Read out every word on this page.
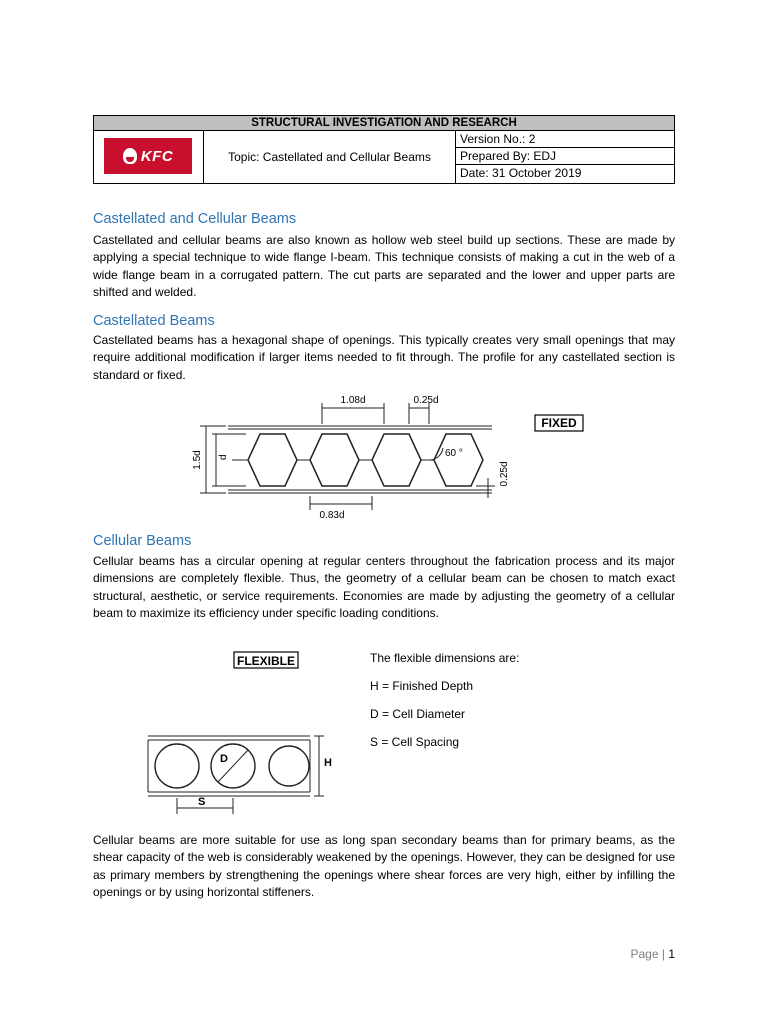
STRUCTURAL INVESTIGATION AND RESEARCH
KFC	Topic: Castellated and Cellular Beams
Version No.: 2
Prepared By: EDJ
Date: 31 October 2019
Castellated and Cellular Beams

Castellated and cellular beams are also known as hollow web steel build up sections. These are made by applying a special technique to wide flange I-beam. This technique consists of making a cut in the web of a wide flange beam in a corrugated pattern. The cut parts are separated and the lower and upper parts are shifted and welded.

Castellated Beams

Castellated beams has a hexagonal shape of openings. This typically creates very small openings that may require additional modification if larger items needed to fit through. The profile for any castellated section is standard or fixed.

FIXED
1.08d	0.25d
1.5d d	60 °
0.25d
0.83d
Cellular Beams

Cellular beams has a circular opening at regular centers throughout the fabrication process and its major dimensions are completely flexible. Thus, the geometry of a cellular beam can be chosen to match exact structural, aesthetic, or service requirements. Economies are made by adjusting the geometry of a cellular beam to maximize its efficiency under specific loading conditions.

FLEXIBLE
D	H
S
The flexible dimensions are:
H = Finished Depth
D = Cell Diameter
S = Cell Spacing

Cellular beams are more suitable for use as long span secondary beams than for primary beams, as the shear capacity of the web is considerably weakened by the openings. However, they can be designed for use as primary members by strengthening the openings where shear forces are very high, either by infilling the openings or by using horizontal stiffeners.

Page | 1
